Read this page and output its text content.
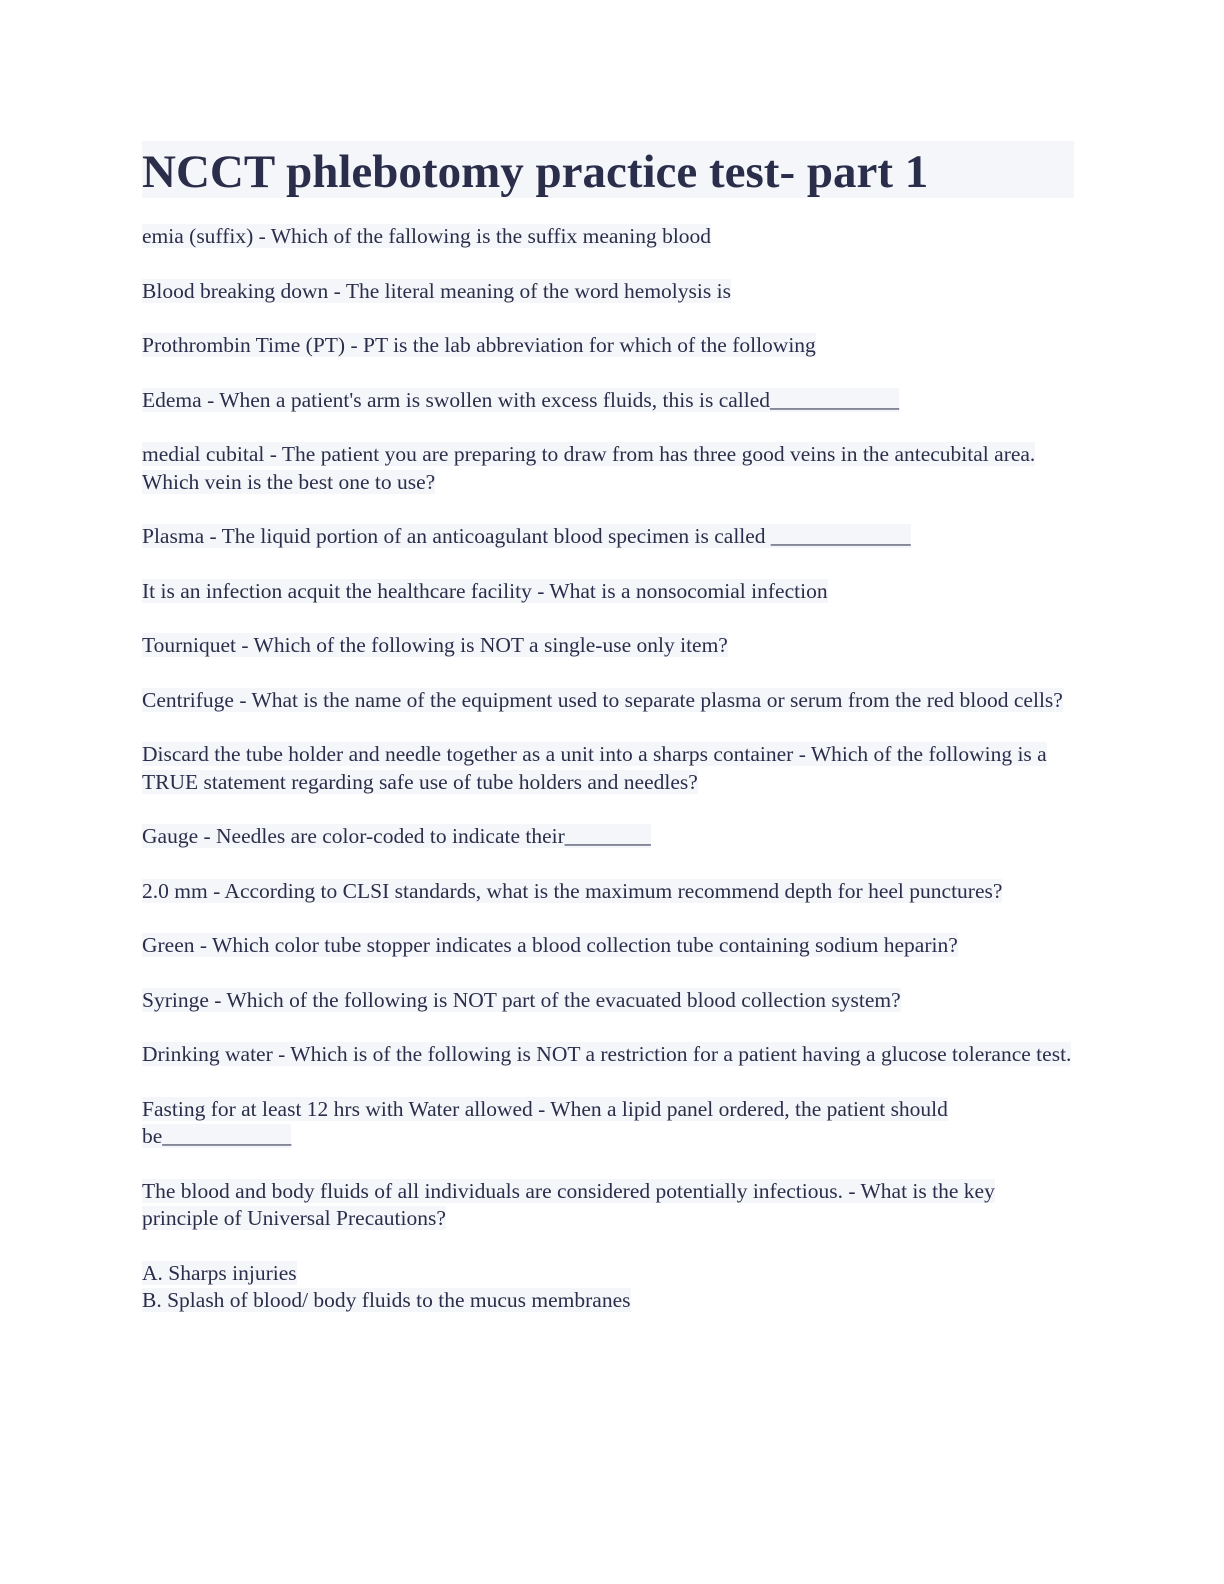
NCCT phlebotomy practice test- part 1

emia (suffix) - Which of the fallowing is the suffix meaning blood

Blood breaking down - The literal meaning of the word hemolysis is

Prothrombin Time (PT) - PT is the lab abbreviation for which of the following

Edema - When a patient's arm is swollen with excess fluids, this is called____________

medial cubital - The patient you are preparing to draw from has three good veins in the antecubital area. Which vein is the best one to use?

Plasma - The liquid portion of an anticoagulant blood specimen is called _____________

It is an infection acquit the healthcare facility - What is a nonsocomial infection

Tourniquet - Which of the following is NOT a single-use only item?

Centrifuge - What is the name of the equipment used to separate plasma or serum from the red blood cells?

Discard the tube holder and needle together as a unit into a sharps container - Which of the following is a TRUE statement regarding safe use of tube holders and needles?

Gauge - Needles are color-coded to indicate their________

2.0 mm - According to CLSI standards, what is the maximum recommend depth for heel punctures?

Green - Which color tube stopper indicates a blood collection tube containing sodium heparin?

Syringe - Which of the following is NOT part of the evacuated blood collection system?

Drinking water - Which is of the following is NOT a restriction for a patient having a glucose tolerance test.

Fasting for at least 12 hrs with Water allowed - When a lipid panel ordered, the patient should be____________

The blood and body fluids of all individuals are considered potentially infectious. - What is the key principle of Universal Precautions?

A. Sharps injuries
B. Splash of blood/ body fluids to the mucus membranes
